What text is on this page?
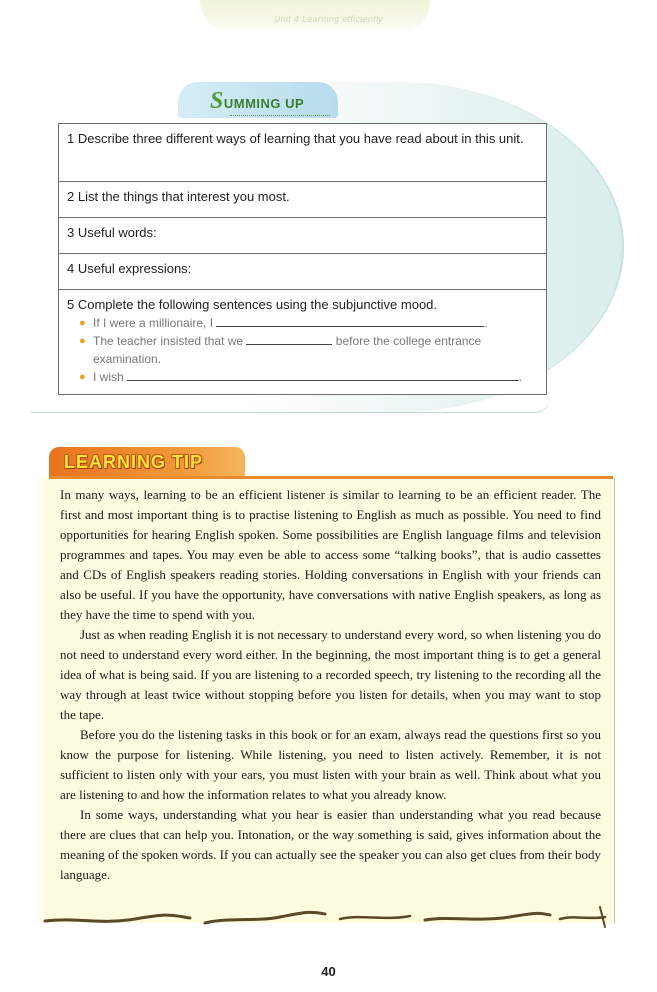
Unit 4 Learning efficiently
SUMMING UP
1 Describe three different ways of learning that you have read about in this unit.
2 List the things that interest you most.
3 Useful words:
4 Useful expressions:
5 Complete the following sentences using the subjunctive mood.
● If I were a millionaire, I	.
● The teacher insisted that we	before the college entrance examination.
● I wish	.
LEARNING TIP

In many ways, learning to be an efficient listener is similar to learning to be an efficient reader. The first and most important thing is to practise listening to English as much as possible. You need to find opportunities for hearing English spoken. Some possibilities are English language films and television programmes and tapes. You may even be able to access some “talking books”, that is audio cassettes and CDs of English speakers reading stories. Holding conversations in English with your friends can also be useful. If you have the opportunity, have conversations with native English speakers, as long as they have the time to spend with you.

Just as when reading English it is not necessary to understand every word, so when listening you do not need to understand every word either. In the beginning, the most important thing is to get a general idea of what is being said. If you are listening to a recorded speech, try listening to the recording all the way through at least twice without stopping before you listen for details, when you may want to stop the tape.

Before you do the listening tasks in this book or for an exam, always read the questions first so you know the purpose for listening. While listening, you need to listen actively. Remember, it is not sufficient to listen only with your ears, you must listen with your brain as well. Think about what you are listening to and how the information relates to what you already know.

In some ways, understanding what you hear is easier than understanding what you read because there are clues that can help you. Intonation, or the way something is said, gives information about the meaning of the spoken words. If you can actually see the speaker you can also get clues from their body language.

40
